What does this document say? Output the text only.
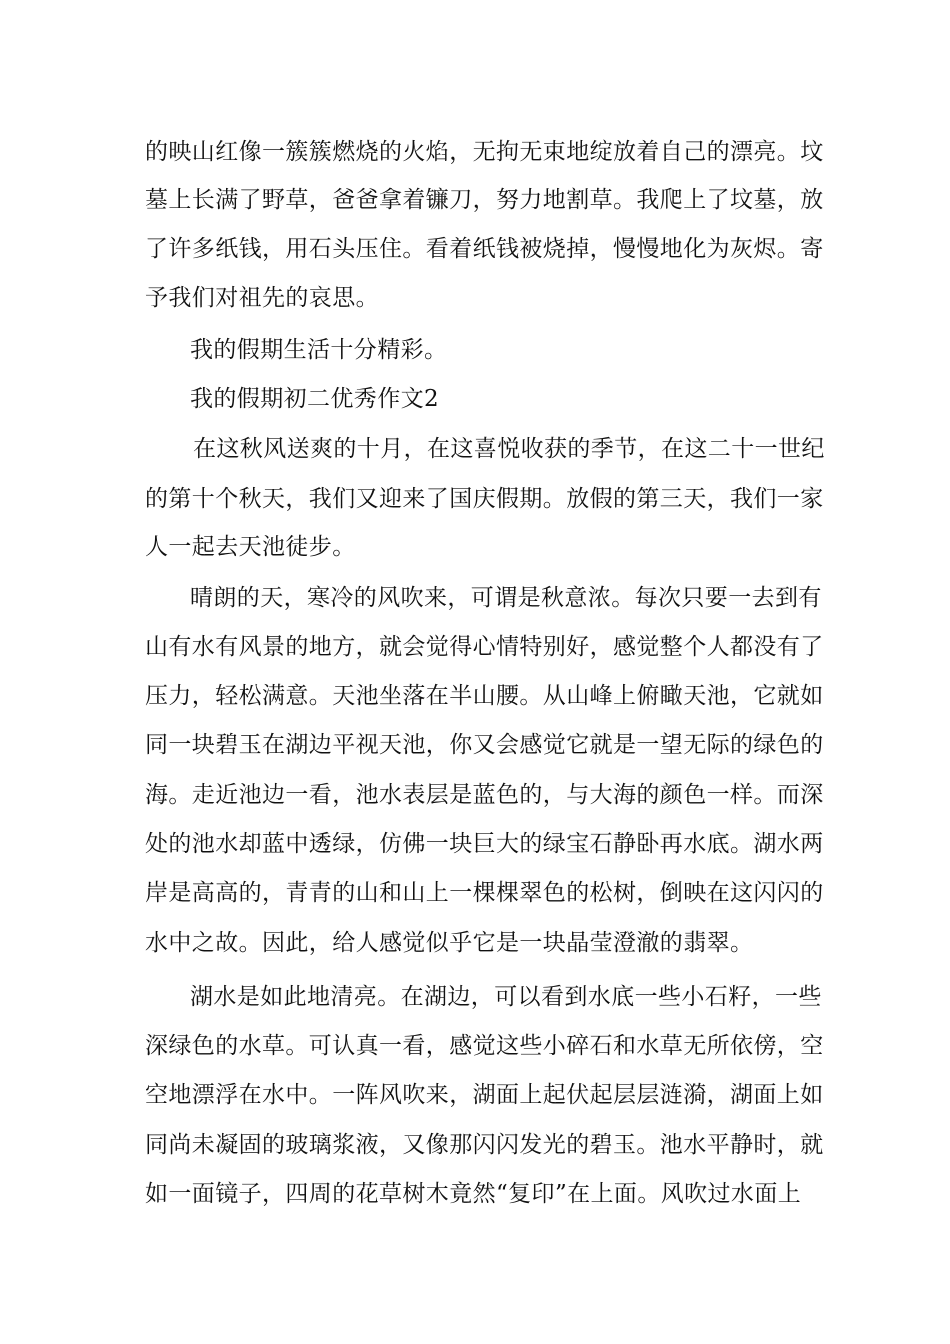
的映山红像一簇簇燃烧的火焰，无拘无束地绽放着自己的漂亮。坟
墓上长满了野草，爸爸拿着镰刀，努力地割草。我爬上了坟墓，放
了许多纸钱，用石头压住。看着纸钱被烧掉，慢慢地化为灰烬。寄
予我们对祖先的哀思。
我的假期生活十分精彩。
我的假期初二优秀作文2
在这秋风送爽的十月，在这喜悦收获的季节，在这二十一世纪
的第十个秋天，我们又迎来了国庆假期。放假的第三天，我们一家
人一起去天池徒步。
晴朗的天，寒冷的风吹来，可谓是秋意浓。每次只要一去到有
山有水有风景的地方，就会觉得心情特别好，感觉整个人都没有了
压力，轻松满意。天池坐落在半山腰。从山峰上俯瞰天池，它就如
同一块碧玉在湖边平视天池，你又会感觉它就是一望无际的绿色的
海。走近池边一看，池水表层是蓝色的，与大海的颜色一样。而深
处的池水却蓝中透绿，仿佛一块巨大的绿宝石静卧再水底。湖水两
岸是高高的，青青的山和山上一棵棵翠色的松树，倒映在这闪闪的
水中之故。因此，给人感觉似乎它是一块晶莹澄澈的翡翠。
湖水是如此地清亮。在湖边，可以看到水底一些小石籽，一些
深绿色的水草。可认真一看，感觉这些小碎石和水草无所依傍，空
空地漂浮在水中。一阵风吹来，湖面上起伏起层层涟漪，湖面上如
同尚未凝固的玻璃浆液，又像那闪闪发光的碧玉。池水平静时，就
如一面镜子，四周的花草树木竟然“复印”在上面。风吹过水面上
